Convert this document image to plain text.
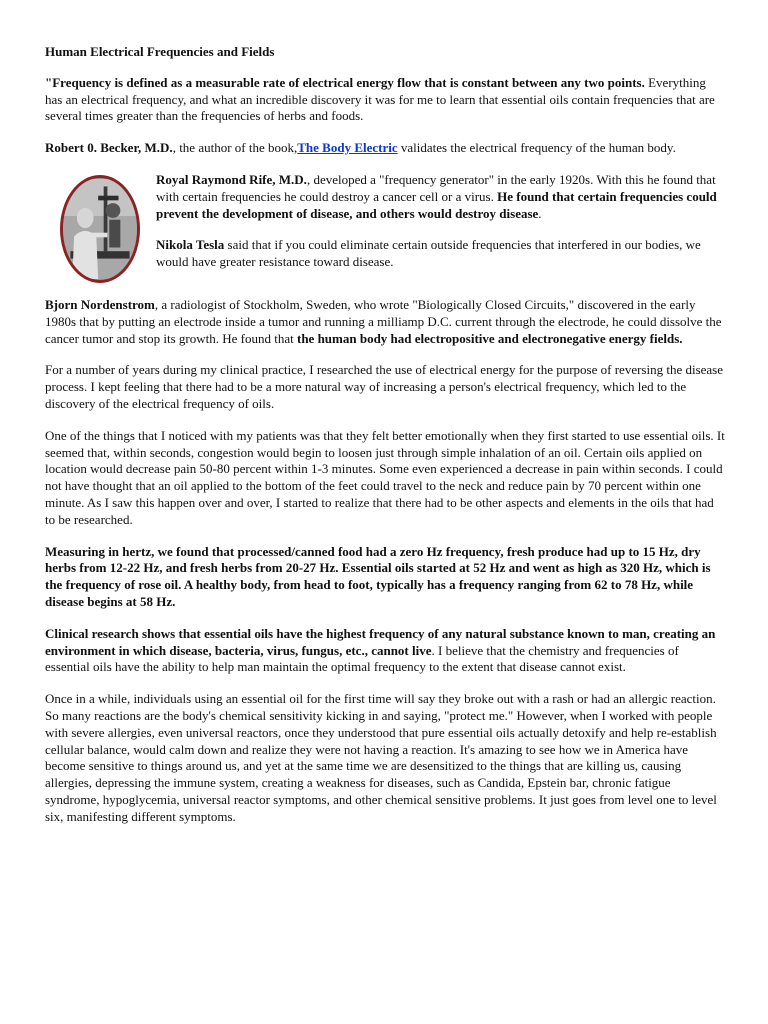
Human Electrical Frequencies and Fields

"Frequency is defined as a measurable rate of electrical energy flow that is constant between any two points. Everything has an electrical frequency, and what an incredible discovery it was for me to learn that essential oils contain frequencies that are several times greater than the frequencies of herbs and foods.

Robert 0. Becker, M.D., the author of the book,The Body Electric validates the electrical frequency of the human body.

Royal Raymond Rife, M.D., developed a "frequency generator" in the early 1920s. With this he found that with certain frequencies he could destroy a cancer cell or a virus. He found that certain frequencies could prevent the development of disease, and others would destroy disease.

Nikola Tesla said that if you could eliminate certain outside frequencies that interfered in our bodies, we would have greater resistance toward disease.

Bjorn Nordenstrom, a radiologist of Stockholm, Sweden, who wrote "Biologically Closed Circuits," discovered in the early 1980s that by putting an electrode inside a tumor and running a milliamp D.C. current through the electrode, he could dissolve the cancer tumor and stop its growth. He found that the human body had electropositive and electronegative energy fields.

For a number of years during my clinical practice, I researched the use of electrical energy for the purpose of reversing the disease process. I kept feeling that there had to be a more natural way of increasing a person's electrical frequency, which led to the discovery of the electrical frequency of oils.

One of the things that I noticed with my patients was that they felt better emotionally when they first started to use essential oils. It seemed that, within seconds, congestion would begin to loosen just through simple inhalation of an oil. Certain oils applied on location would decrease pain 50-80 percent within 1-3 minutes. Some even experienced a decrease in pain within seconds. I could not have thought that an oil applied to the bottom of the feet could travel to the neck and reduce pain by 70 percent within one minute. As I saw this happen over and over, I started to realize that there had to be other aspects and elements in the oils that had to be researched.

Measuring in hertz, we found that processed/canned food had a zero Hz frequency, fresh produce had up to 15 Hz, dry herbs from 12-22 Hz, and fresh herbs from 20-27 Hz. Essential oils started at 52 Hz and went as high as 320 Hz, which is the frequency of rose oil. A healthy body, from head to foot, typically has a frequency ranging from 62 to 78 Hz, while disease begins at 58 Hz.

Clinical research shows that essential oils have the highest frequency of any natural substance known to man, creating an environment in which disease, bacteria, virus, fungus, etc., cannot live. I believe that the chemistry and frequencies of essential oils have the ability to help man maintain the optimal frequency to the extent that disease cannot exist.

Once in a while, individuals using an essential oil for the first time will say they broke out with a rash or had an allergic reaction. So many reactions are the body's chemical sensitivity kicking in and saying, "protect me." However, when I worked with people with severe allergies, even universal reactors, once they understood that pure essential oils actually detoxify and help re-establish cellular balance, would calm down and realize they were not having a reaction. It's amazing to see how we in America have become sensitive to things around us, and yet at the same time we are desensitized to the things that are killing us, causing allergies, depressing the immune system, creating a weakness for diseases, such as Candida, Epstein bar, chronic fatigue syndrome, hypoglycemia, universal reactor symptoms, and other chemical sensitive problems. It just goes from level one to level six, manifesting different symptoms.
